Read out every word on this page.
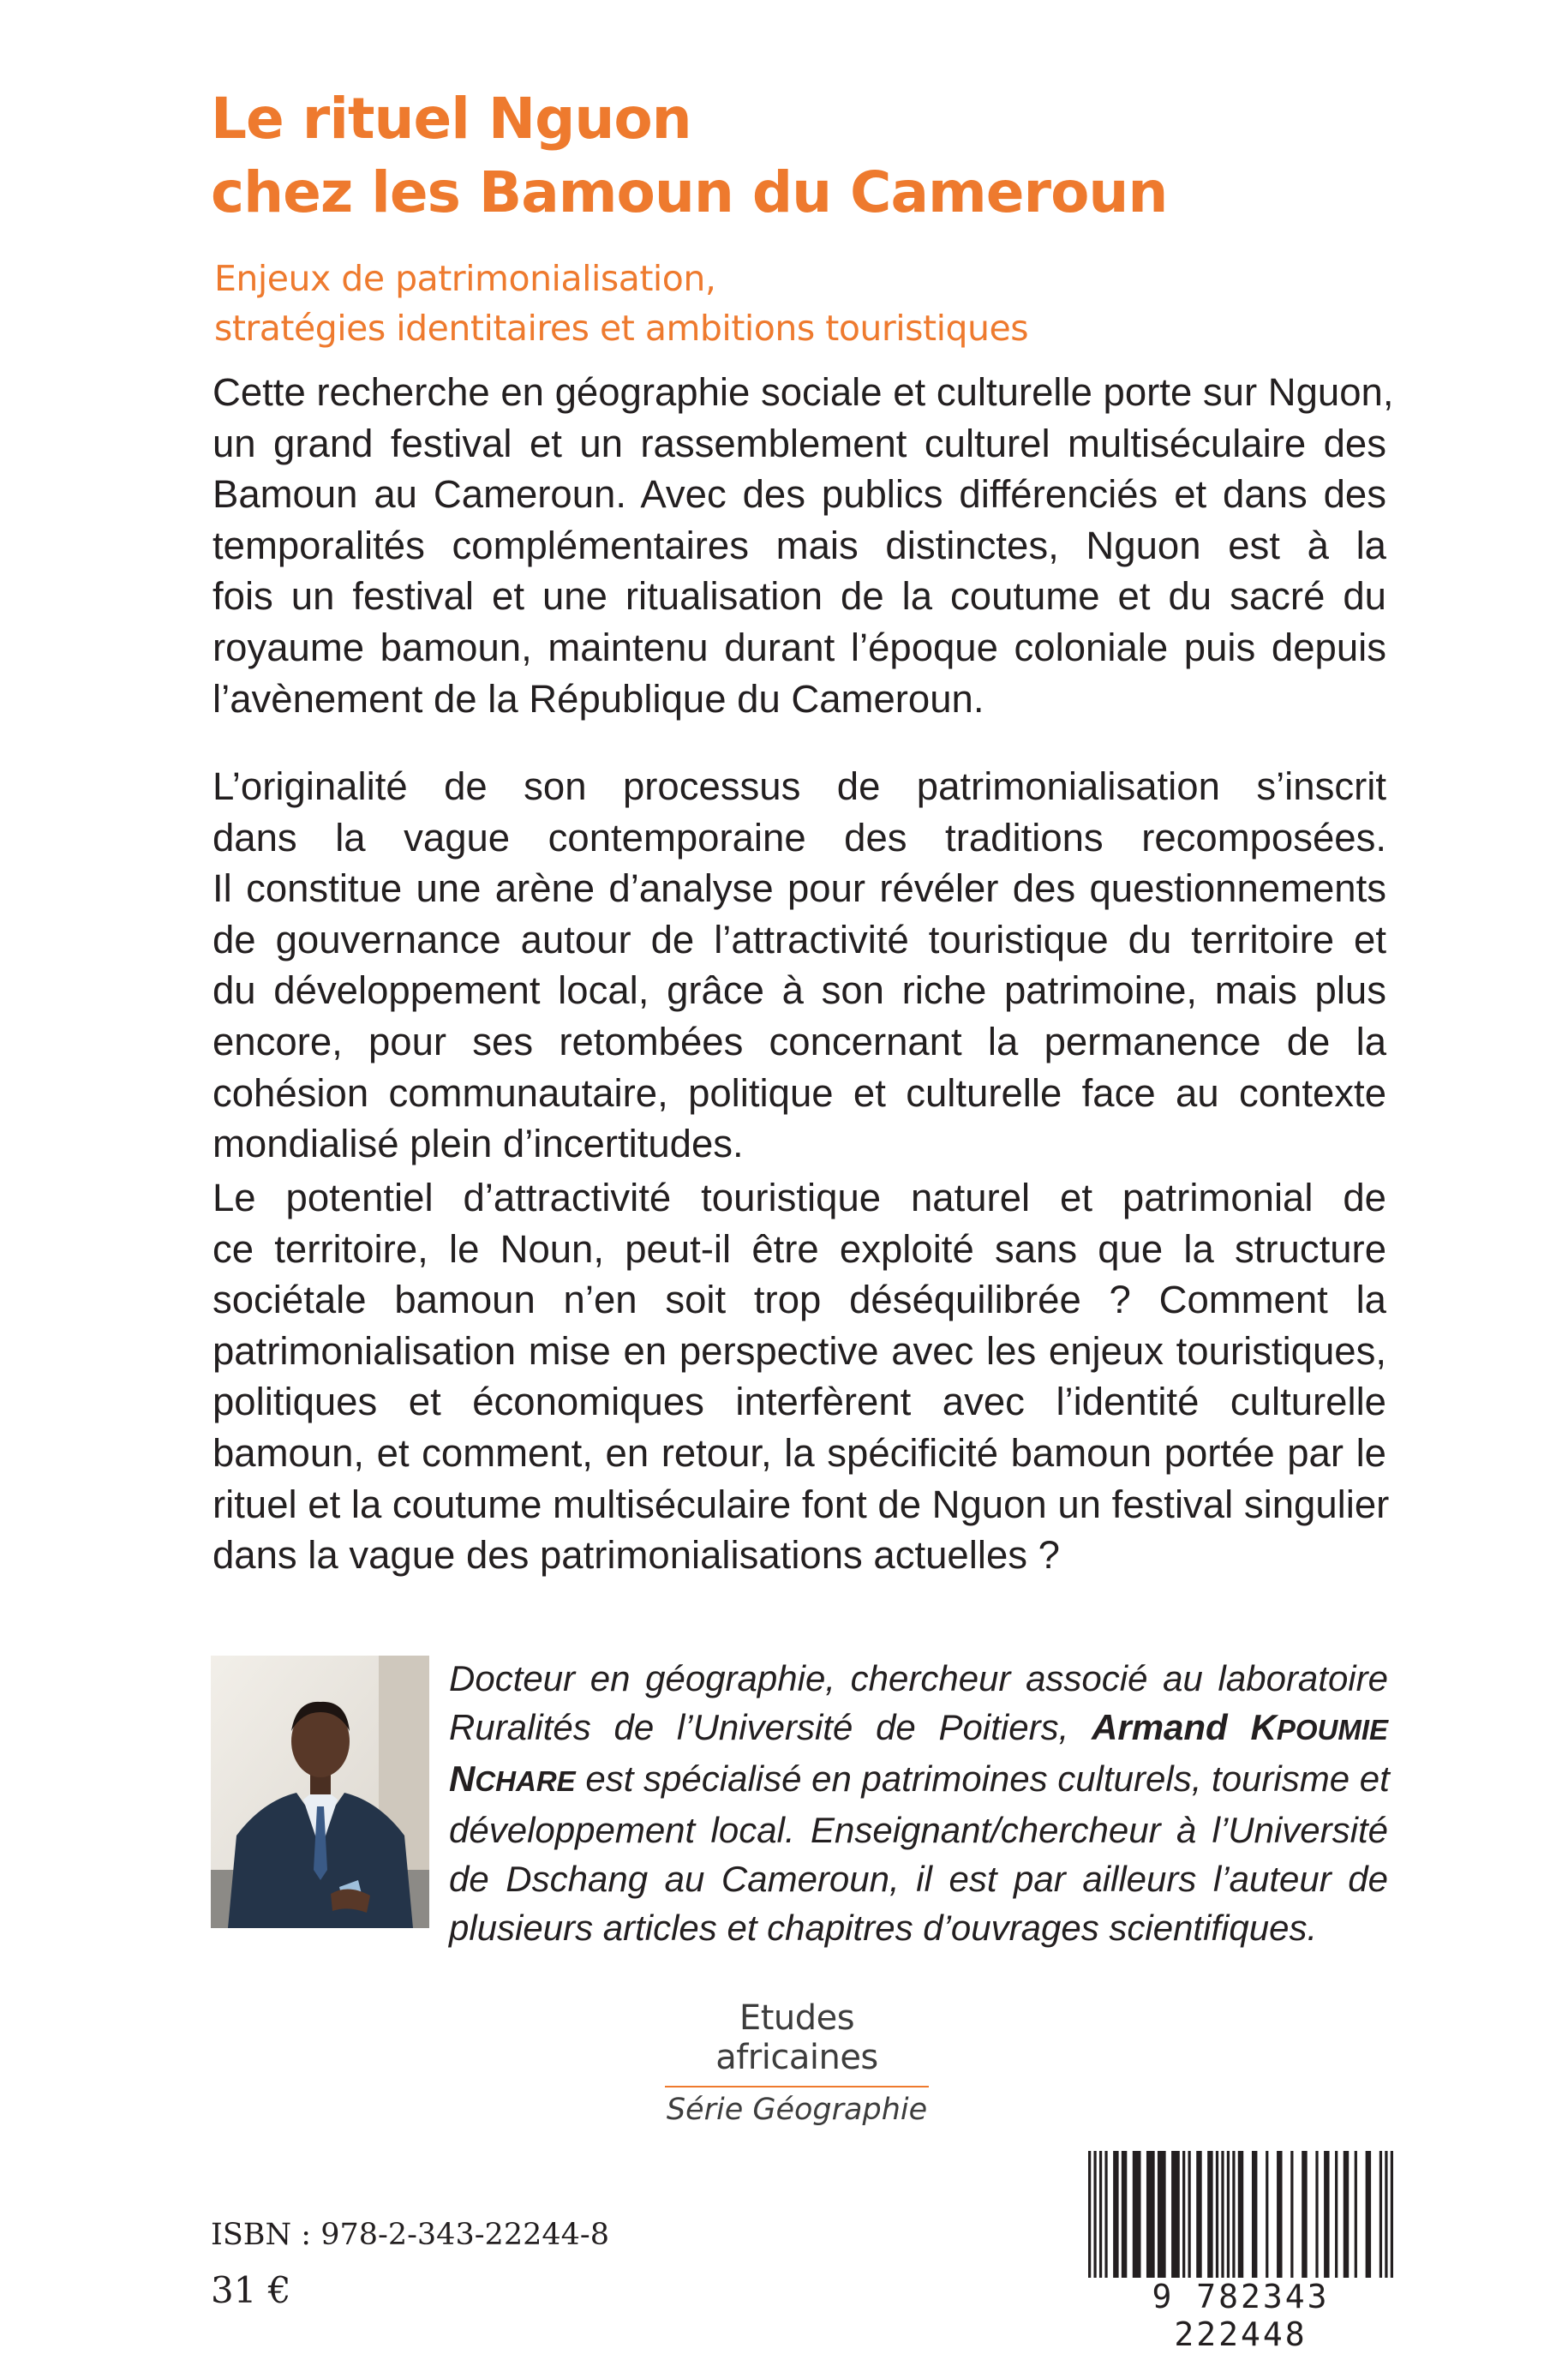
Le rituel Nguon
chez les Bamoun du Cameroun
Enjeux de patrimonialisation,
stratégies identitaires et ambitions touristiques
Cette recherche en géographie sociale et culturelle porte sur Nguon,
un grand festival et un rassemblement culturel multiséculaire des
Bamoun au Cameroun. Avec des publics différenciés et dans des
temporalités complémentaires mais distinctes, Nguon est à la
fois un festival et une ritualisation de la coutume et du sacré du
royaume bamoun, maintenu durant l’époque coloniale puis depuis
l’avènement de la République du Cameroun.
L’originalité de son processus de patrimonialisation s’inscrit
dans la vague contemporaine des traditions recomposées.
Il constitue une arène d’analyse pour révéler des questionnements
de gouvernance autour de l’attractivité touristique du territoire et
du développement local, grâce à son riche patrimoine, mais plus
encore, pour ses retombées concernant la permanence de la
cohésion communautaire, politique et culturelle face au contexte
mondialisé plein d’incertitudes.
Le potentiel d’attractivité touristique naturel et patrimonial de
ce territoire, le Noun, peut-il être exploité sans que la structure
sociétale bamoun n’en soit trop déséquilibrée ? Comment la
patrimonialisation mise en perspective avec les enjeux touristiques,
politiques et économiques interfèrent avec l’identité culturelle
bamoun, et comment, en retour, la spécificité bamoun portée par le
rituel et la coutume multiséculaire font de Nguon un festival singulier
dans la vague des patrimonialisations actuelles ?
Docteur en géographie, chercheur associé au laboratoire
Ruralités de l’Université de Poitiers, Armand KPOUMIE
NCHARE est spécialisé en patrimoines culturels, tourisme et
développement local. Enseignant/chercheur à l’Université
de Dschang au Cameroun, il est par ailleurs l’auteur de
plusieurs articles et chapitres d’ouvrages scientifiques.
Etudes africaines
Série Géographie
ISBN : 978-2-343-22244-8
31 €	9 782343 222448
